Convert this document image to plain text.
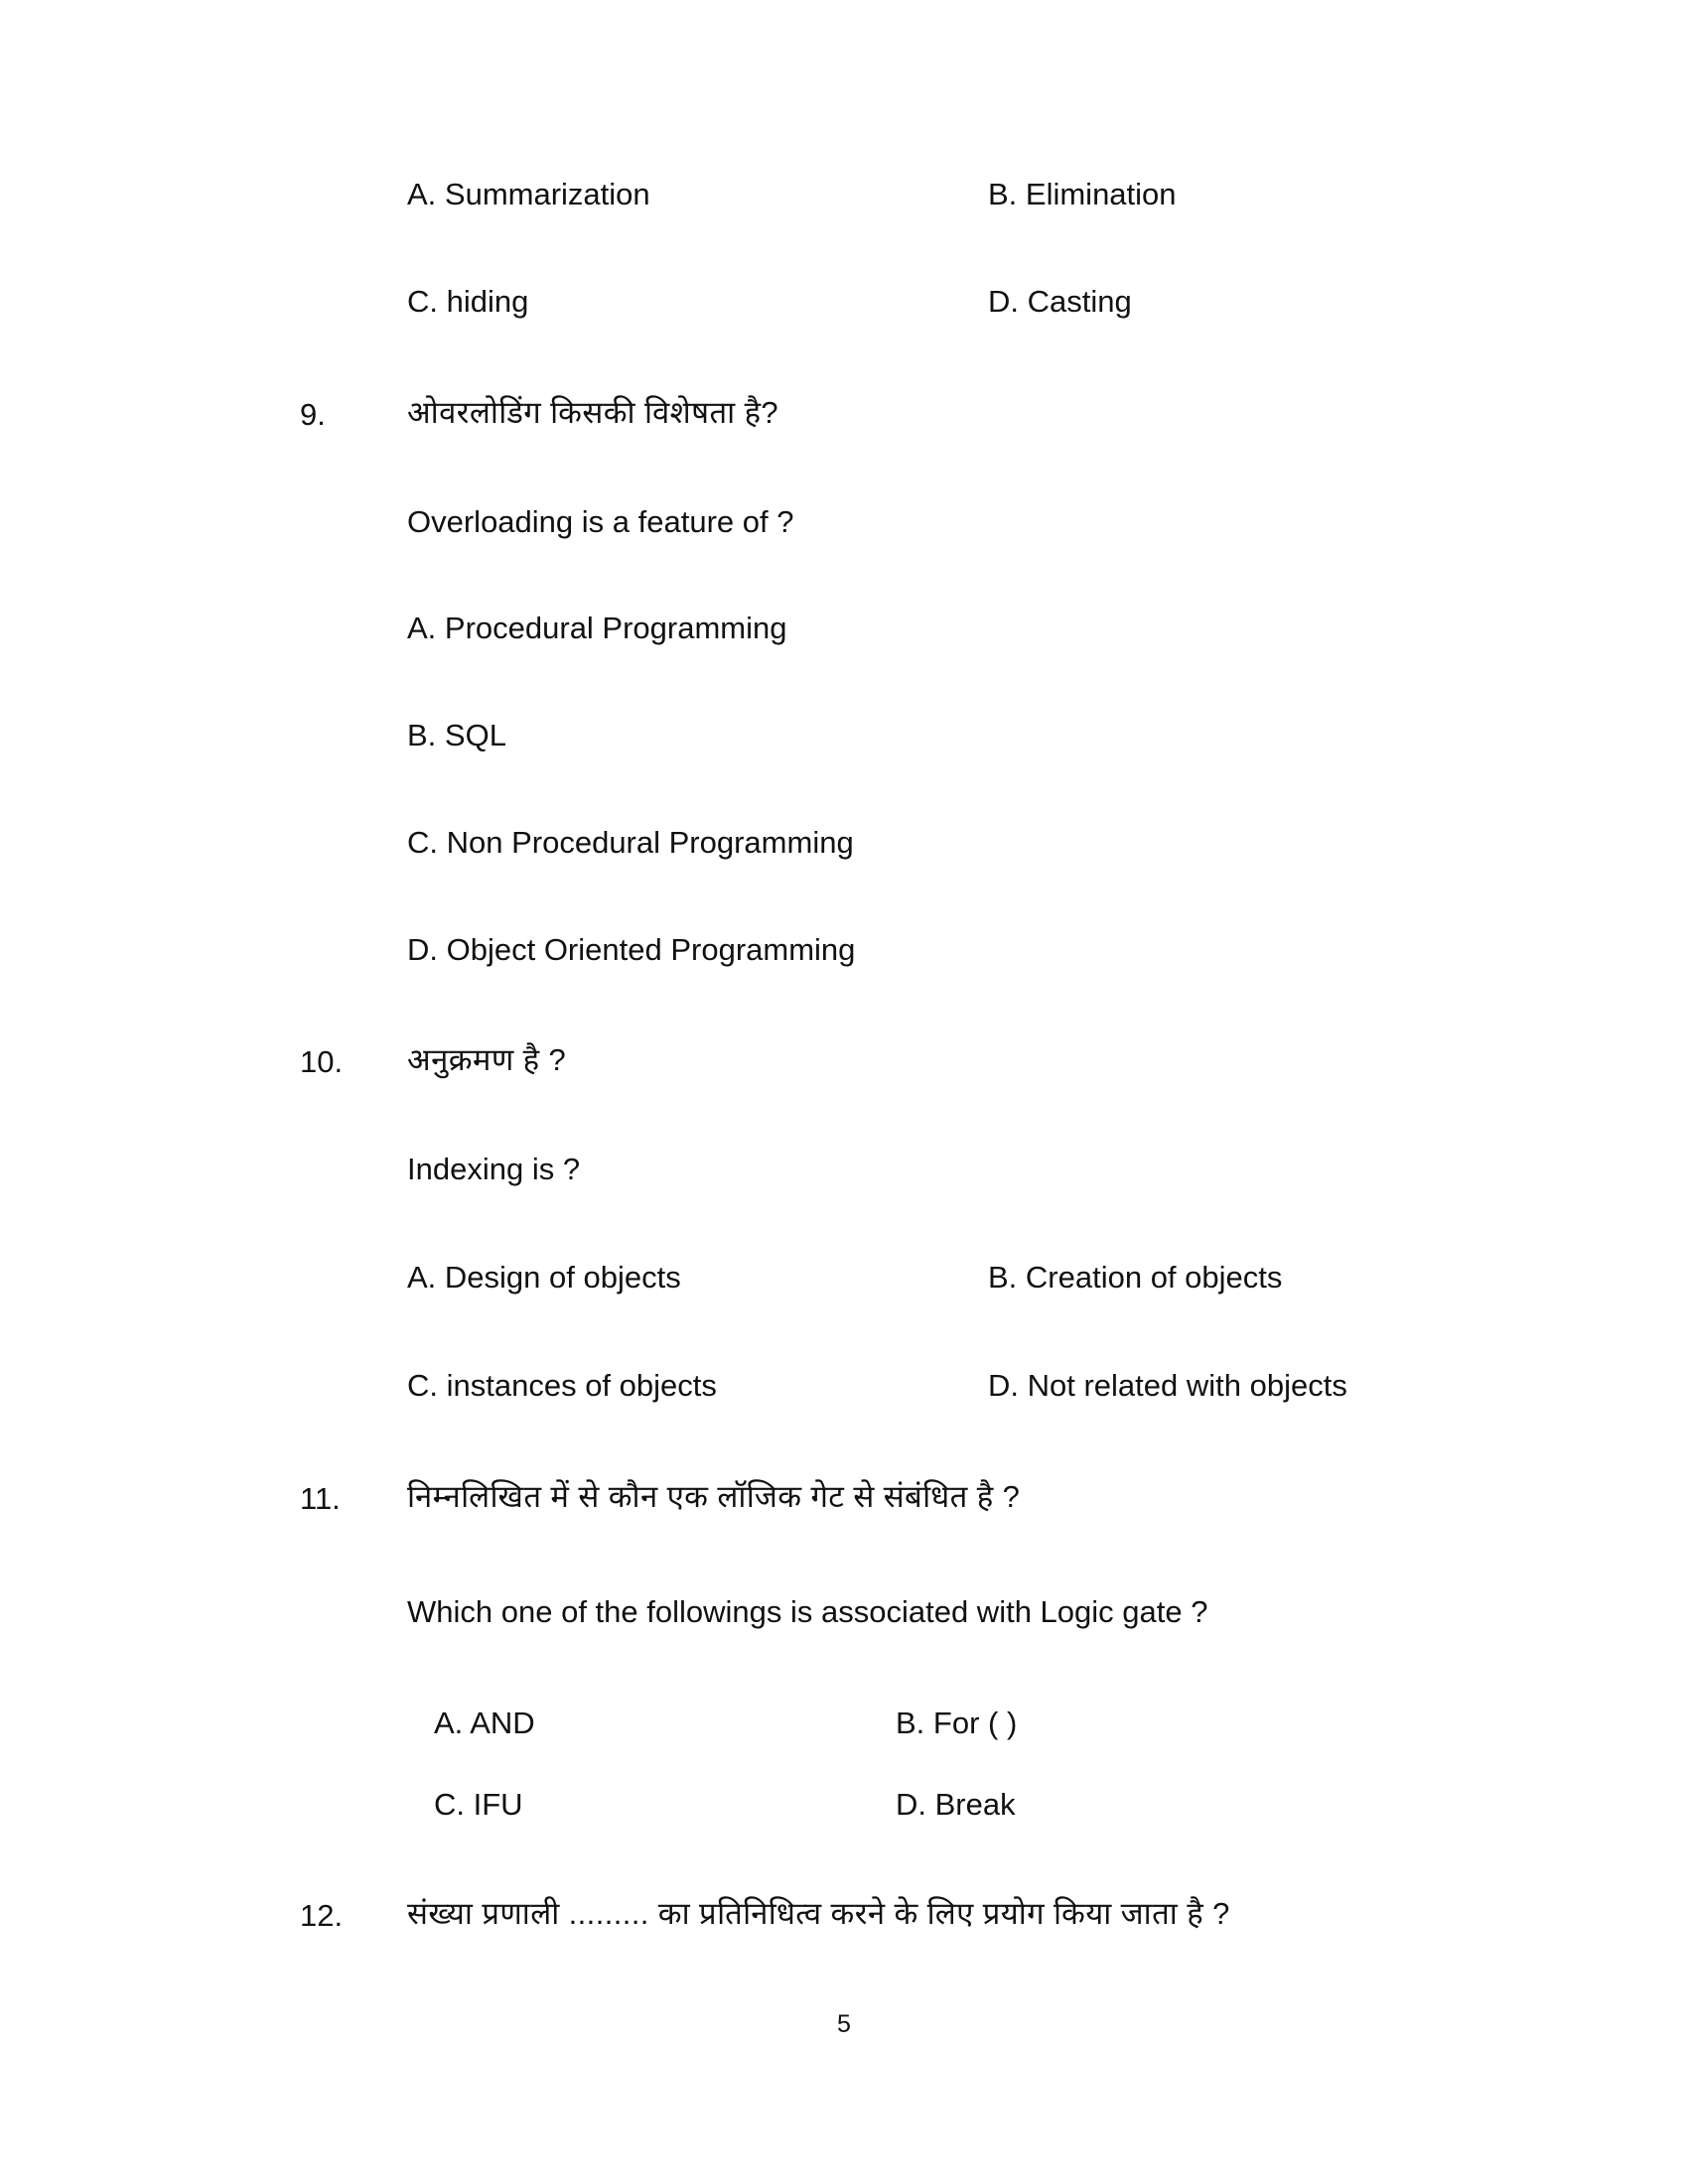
A. Summarization	B. Elimination
C. hiding	D. Casting
9.	ओवरलोडिंग किसकी विशेषता है?
Overloading is a feature of ?
A. Procedural Programming
B. SQL
C. Non Procedural Programming
D. Object Oriented Programming
10. अनुक्रमण है ?
Indexing is ?
A. Design of objects	B. Creation of objects
C. instances of objects	D. Not related with objects
11. निम्नलिखित में से कौन एक लॉजिक गेट से संबंधित है ?
Which one of the followings is associated with Logic gate ?
A. AND	B. For ( )
C. IFU	D. Break
12. संख्या प्रणाली ......... का प्रतिनिधित्व करने के लिए प्रयोग किया जाता है ?
5
